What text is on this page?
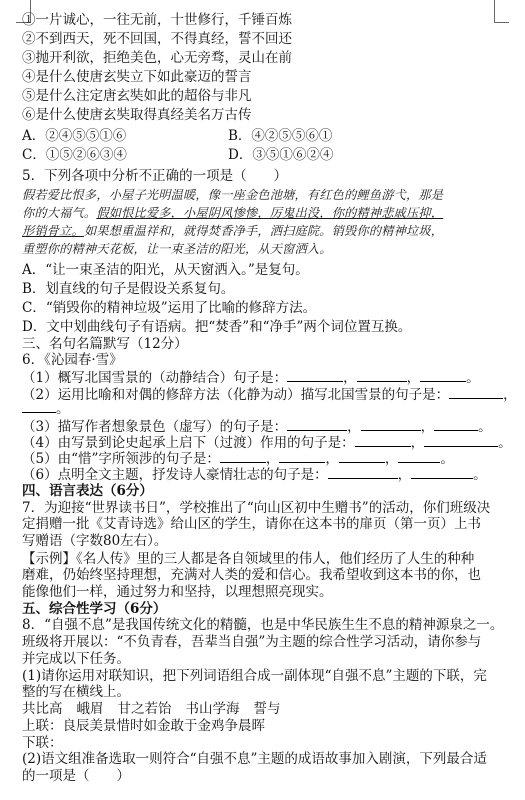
①一片诚心，一往无前，十世修行，千锤百炼
②不到西天，死不回国，不得真经，誓不回还
③抛开利欲，拒绝美色，心无旁骛，灵山在前
④是什么使唐玄奘立下如此豪迈的誓言
⑤是什么注定唐玄奘如此的超俗与非凡
⑥是什么使唐玄奘取得真经美名万古传
A．②④⑤⑤①⑥	B．④②⑤⑤⑥①
C．①⑤②⑥③④	D．③⑤①⑥②④
5．下列各项中分析不正确的一项是（　　）
假若爱比恨多，小屋子光明温暖，像一座金色池塘，有红色的鲤鱼游弋，那是
你的大福气。假如恨比爱多，小屋阴风惨惨，厉鬼出没，你的精神悲戚压抑，
形销骨立。如果想重温祥和，就得焚香净手，洒扫庭院。销毁你的精神垃圾，
重塑你的精神天花板，让一束圣洁的阳光，从天窗洒入。
A．“让一束圣洁的阳光，从天窗洒入。”是复句。
B．划直线的句子是假设关系复句。
C．“销毁你的精神垃圾”运用了比喻的修辞方法。
D．文中划曲线句子有语病。把“焚香”和“净手”两个词位置互换。
三、名句名篇默写（12分）
6．《沁园春·雪》
（1）概写北国雪景的（动静结合）句子是：	，	，	。
（2）运用比喻和对偶的修辞方法（化静为动）描写北国雪景的句子是：	，
。
（3）描写作者想象景色（虚写）的句子是：	，	，	。
（4）由写景到论史起承上启下（过渡）作用的句子是：	，	。
（5）由“惜”字所领涉的句子是：	，	，	，	。
（6）点明全文主题，抒发诗人豪情壮志的句子是：	，	。
四、语言表达（6分）
7．为迎接“世界读书日”，学校推出了“向山区初中生赠书”的活动，你们班级决
定捐赠一批《艾青诗选》给山区的学生，请你在这本书的扉页（第一页）上书
写赠语（字数80左右）。
【示例】《名人传》里的三人都是各自领域里的伟人，他们经历了人生的种种
磨难，仍始终坚持理想，充满对人类的爱和信心。我希望收到这本书的你，也
能像他们一样，通过努力和坚持，以理想照亮现实。
五、综合性学习（6分）
8．“自强不息”是我国传统文化的精髓，也是中华民族生生不息的精神源泉之一。
班级将开展以：“不负青春，吾辈当自强”为主题的综合性学习活动，请你参与
并完成以下任务。
(1)请你运用对联知识，把下列词语组合成一副体现“自强不息”主题的下联，完
整的写在横线上。
共比高 峨眉 甘之若饴 书山学海 誓与
上联：良辰美景惜时如金敢于金鸡争晨晖
下联：
(2)语文组准备选取一则符合“自强不息”主题的成语故事加入剧演，下列最合适
的一项是（　　）
